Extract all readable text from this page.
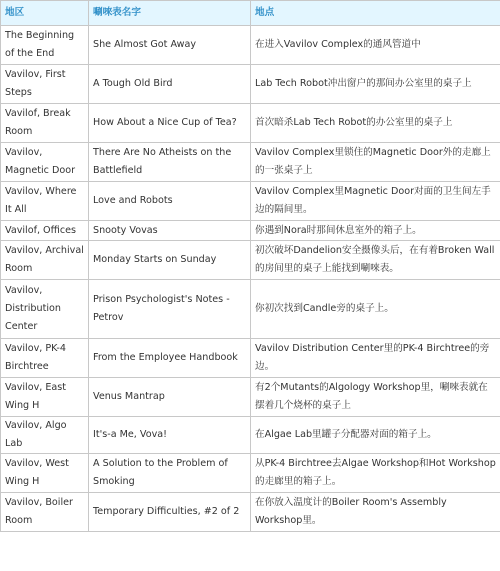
地区	唰唻表名字	地点
The Beginning of the End	She Almost Got Away	在进入Vavilov Complex的通风管道中
Vavilov, First Steps	A Tough Old Bird	Lab Tech Robot冲出窗户的那间办公室里的桌子上
Vavilof, Break Room	How About a Nice Cup of Tea?	首次暗杀Lab Tech Robot的办公室里的桌子上
Vavilov, Magnetic Door	There Are No Atheists on the Battlefield	Vavilov Complex里锁住的Magnetic Door外的走廊上的一张桌子上
Vavilov, Where It All	Love and Robots	Vavilov Complex里Magnetic Door对面的卫生间左手边的隔间里。
Vavilof, Offices	Snooty Vovas	你遇到Nora时那间休息室外的箱子上。
Vavilov, Archival Room	Monday Starts on Sunday	初次破坏Dandelion安全摄像头后，在有着Broken Wall的房间里的桌子上能找到唰唻表。
Vavilov, Distribution Center	Prison Psychologist's Notes - Petrov	你初次找到Candle旁的桌子上。
Vavilov, PK-4 Birchtree	From the Employee Handbook	Vavilov Distribution Center里的PK-4 Birchtree的旁边。
Vavilov, East Wing H	Venus Mantrap	有2个Mutants的Algology Workshop里，唰唻表就在摆着几个烧杯的桌子上
Vavilov, Algo Lab	It's-a Me, Vova!	在Algae Lab里罐子分配器对面的箱子上。
Vavilov, West Wing H	A Solution to the Problem of Smoking	从PK-4 Birchtree去Algae Workshop和Hot Workshop的走廊里的箱子上。
Vavilov, Boiler Room	Temporary Difficulties, #2 of 2	在你放入温度计的Boiler Room's Assembly Workshop里。
